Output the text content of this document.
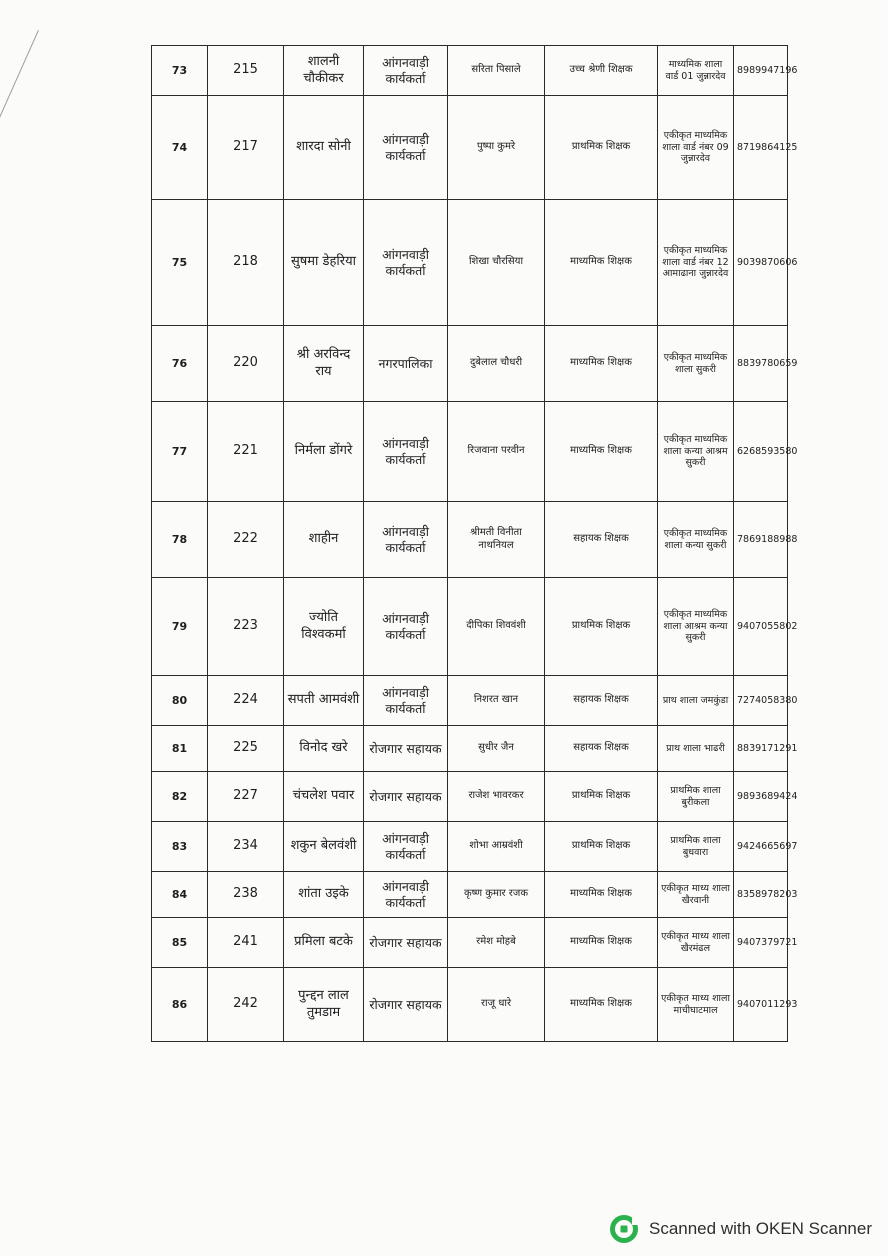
73	215	शालनी चौकीकर	आंगनवाड़ी कार्यकर्ता	सरिता पिसाले	उच्च श्रेणी शिक्षक	माध्यमिक शाला वार्ड 01 जुन्नारदेव	8989947196
74	217	शारदा सोनी	आंगनवाड़ी कार्यकर्ता	पुष्पा कुमरे	प्राथमिक शिक्षक	एकीकृत माध्यमिक शाला वार्ड नंबर 09 जुन्नारदेव	8719864125
75	218	सुषमा डेहरिया	आंगनवाड़ी कार्यकर्ता	शिखा चौरसिया	माध्यमिक शिक्षक	एकीकृत माध्यमिक शाला वार्ड नंबर 12 आमाढाना जुन्नारदेव	9039870606
76	220	श्री अरविन्द राय	नगरपालिका	दुबेलाल चौधरी	माध्यमिक शिक्षक	एकीकृत माध्यमिक शाला सुकरी	8839780659
77	221	निर्मला डोंगरे	आंगनवाड़ी कार्यकर्ता	रिजवाना परवीन	माध्यमिक शिक्षक	एकीकृत माध्यमिक शाला कन्या आश्रम सुकरी	6268593580
78	222	शाहीन	आंगनवाड़ी कार्यकर्ता	श्रीमती विनीता नाथनियल	सहायक शिक्षक	एकीकृत माध्यमिक शाला कन्या सुकरी	7869188988
79	223	ज्योति विश्वकर्मा	आंगनवाड़ी कार्यकर्ता	दीपिका शिववंशी	प्राथमिक शिक्षक	एकीकृत माध्यमिक शाला आश्रम कन्या सुकरी	9407055802
80	224	सपती आमवंशी	आंगनवाड़ी कार्यकर्ता	निशरत खान	सहायक शिक्षक	प्राथ शाला जमकुंडा	7274058380
81	225	विनोद खरे	रोजगार सहायक	सुधीर जैन	सहायक शिक्षक	प्राथ शाला भाढरी	8839171291
82	227	चंचलेश पवार	रोजगार सहायक	राजेश भावरकर	प्राथमिक शिक्षक	प्राथमिक शाला बुरीकला	9893689424
83	234	शकुन बेलवंशी	आंगनवाड़ी कार्यकर्ता	शोभा आम्रवंशी	प्राथमिक शिक्षक	प्राथमिक शाला बुधवारा	9424665697
84	238	शांता उइके	आंगनवाड़ी कार्यकर्ता	कृष्ण कुमार रजक	माध्यमिक शिक्षक	एकीकृत माध्य शाला खैरवानी	8358978203
85	241	प्रमिला बटके	रोजगार सहायक	रमेश मोहबे	माध्यमिक शिक्षक	एकीकृत माध्य शाला खैरमंढल	9407379721
86	242	पुन्द्दन लाल तुमडाम	रोजगार सहायक	राजू धारे	माध्यमिक शिक्षक	एकीकृत माध्य शाला माचीघाटमाल	9407011293
Scanned with OKEN Scanner
